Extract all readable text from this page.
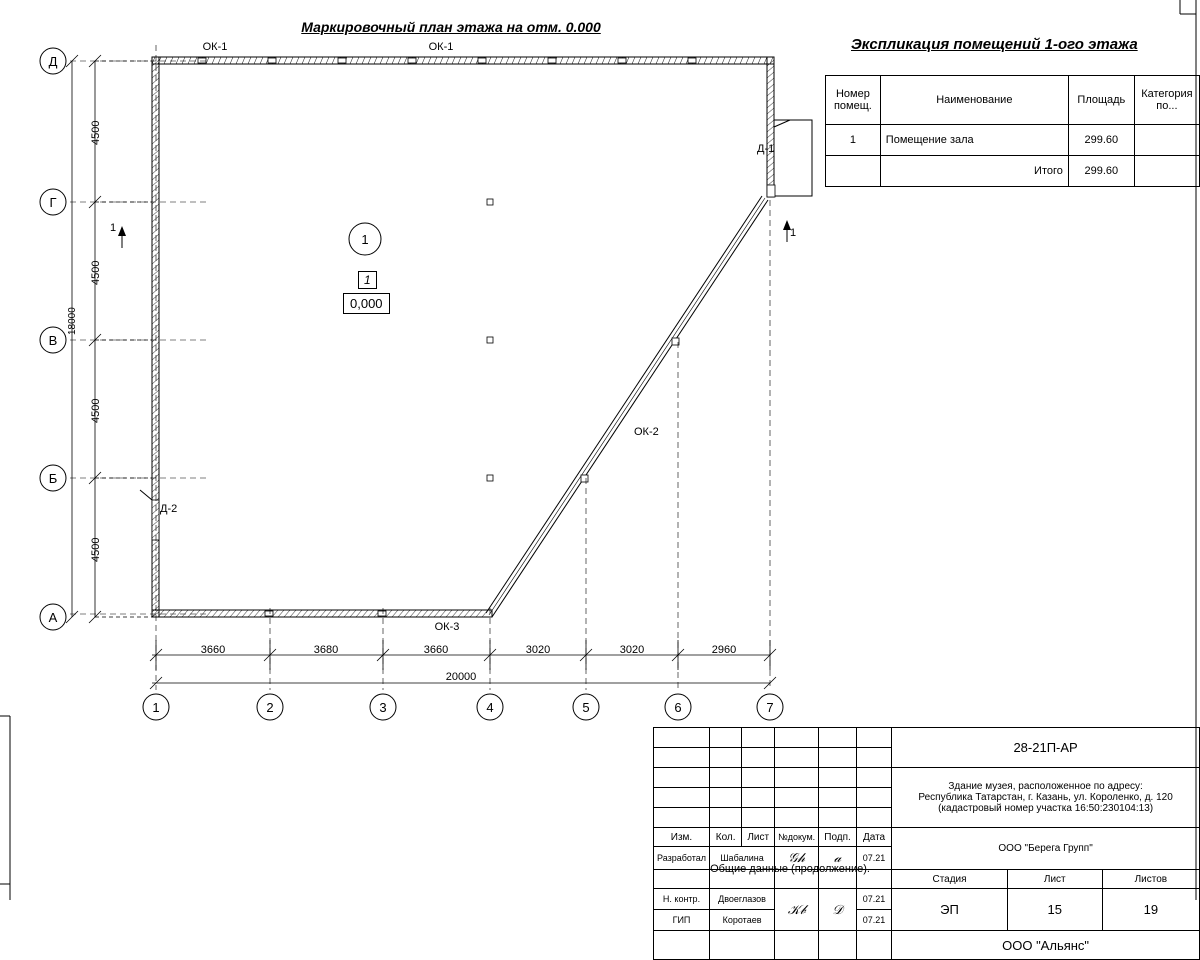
Маркировочный план этажа на отм. 0.000
Экспликация помещений 1-ого этажа
Д
Г
В
Б
А
1	2	3	4	5	6	7
4500
4500
4500
4500
18000
3660	3680	3660	3020	3020	2960
20000
ОК-1	ОК-1
ОК-2
ОК-3
Д-1
Д-2
1	1
1
1
0,000
Номер помещ.	Наименование	Площадь	Категория по...
1	Помещение зала	299.60	
	Итого	299.60	
						28-21П-АР		

						Здание музея, расположенное по адресу:
Республика Татарстан, г. Казань, ул. Короленко, д. 120
(кадастровый номер участка 16:50:230104:13)		

Изм.	Кол.	Лист	№докум.	Подп.	Дата	ООО "Берега Групп"		
Разработал	Шабалина		𝒢𝒽	𝒶	07.21			
						Стадия	Лист	Листов
Н. контр.	Двоеглазов		𝒦𝒷	𝒟	07.21	ЭП	15	19
ГИП	Коротаев				07.21			
						ООО "Альянс"		
Общие данные (продолжение).
